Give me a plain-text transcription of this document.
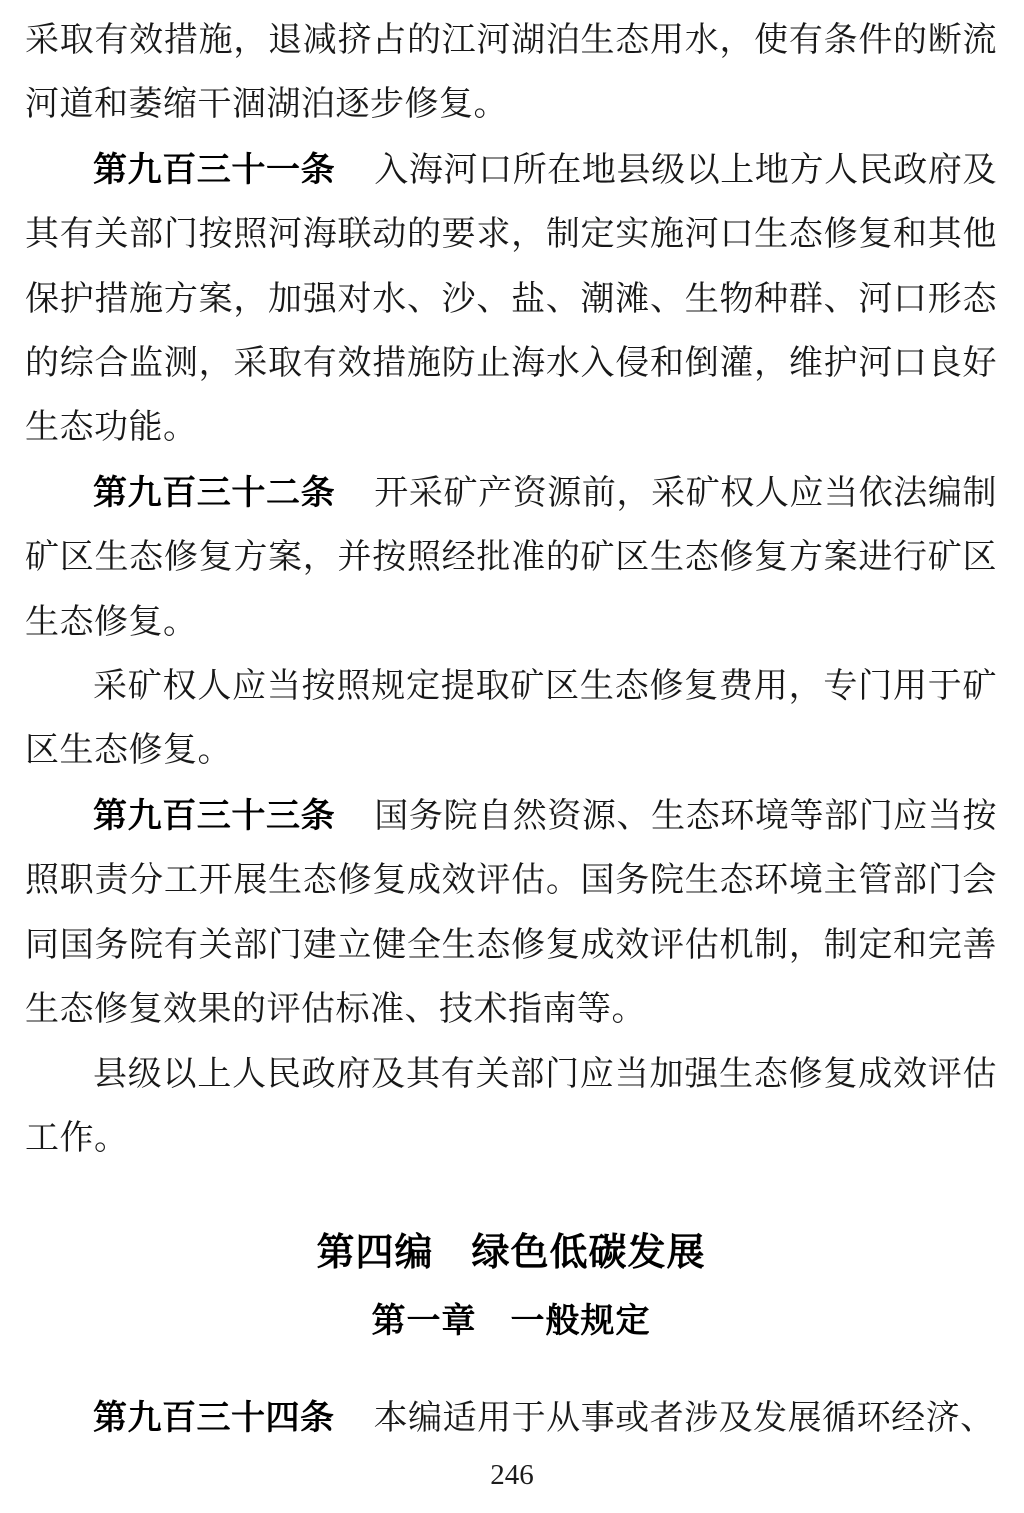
采取有效措施，退减挤占的江河湖泊生态用水，使有条件的断流河道和萎缩干涸湖泊逐步修复。

第九百三十一条 入海河口所在地县级以上地方人民政府及其有关部门按照河海联动的要求，制定实施河口生态修复和其他保护措施方案，加强对水、沙、盐、潮滩、生物种群、河口形态的综合监测，采取有效措施防止海水入侵和倒灌，维护河口良好生态功能。

第九百三十二条 开采矿产资源前，采矿权人应当依法编制矿区生态修复方案，并按照经批准的矿区生态修复方案进行矿区生态修复。

采矿权人应当按照规定提取矿区生态修复费用，专门用于矿区生态修复。

第九百三十三条 国务院自然资源、生态环境等部门应当按照职责分工开展生态修复成效评估。国务院生态环境主管部门会同国务院有关部门建立健全生态修复成效评估机制，制定和完善生态修复效果的评估标准、技术指南等。

县级以上人民政府及其有关部门应当加强生态修复成效评估工作。

第四编 绿色低碳发展
第一章 一般规定

第九百三十四条 本编适用于从事或者涉及发展循环经济、

246
